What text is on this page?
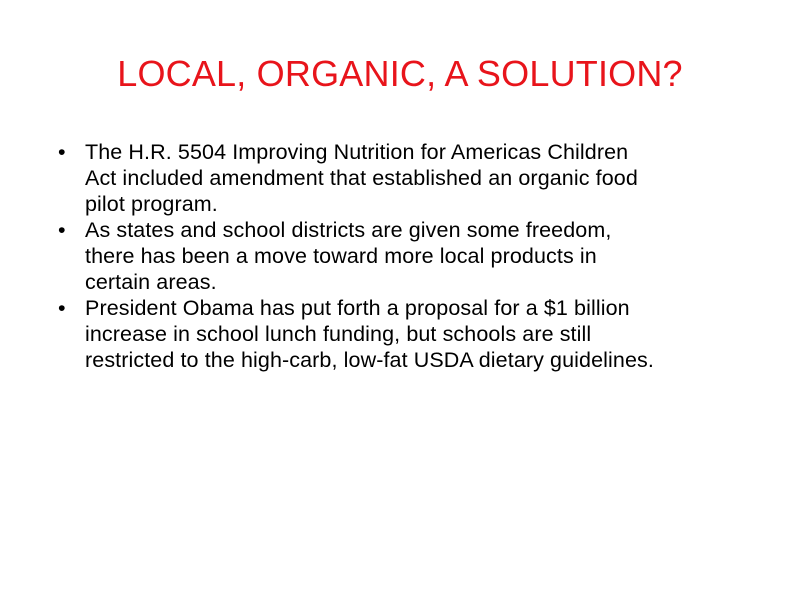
LOCAL, ORGANIC, A SOLUTION?
• The H.R. 5504 Improving Nutrition for Americas Children
Act included amendment that established an organic food
pilot program.
• As states and school districts are given some freedom,
there has been a move toward more local products in
certain areas.
• President Obama has put forth a proposal for a $1 billion
increase in school lunch funding, but schools are still
restricted to the high-carb, low-fat USDA dietary guidelines.
